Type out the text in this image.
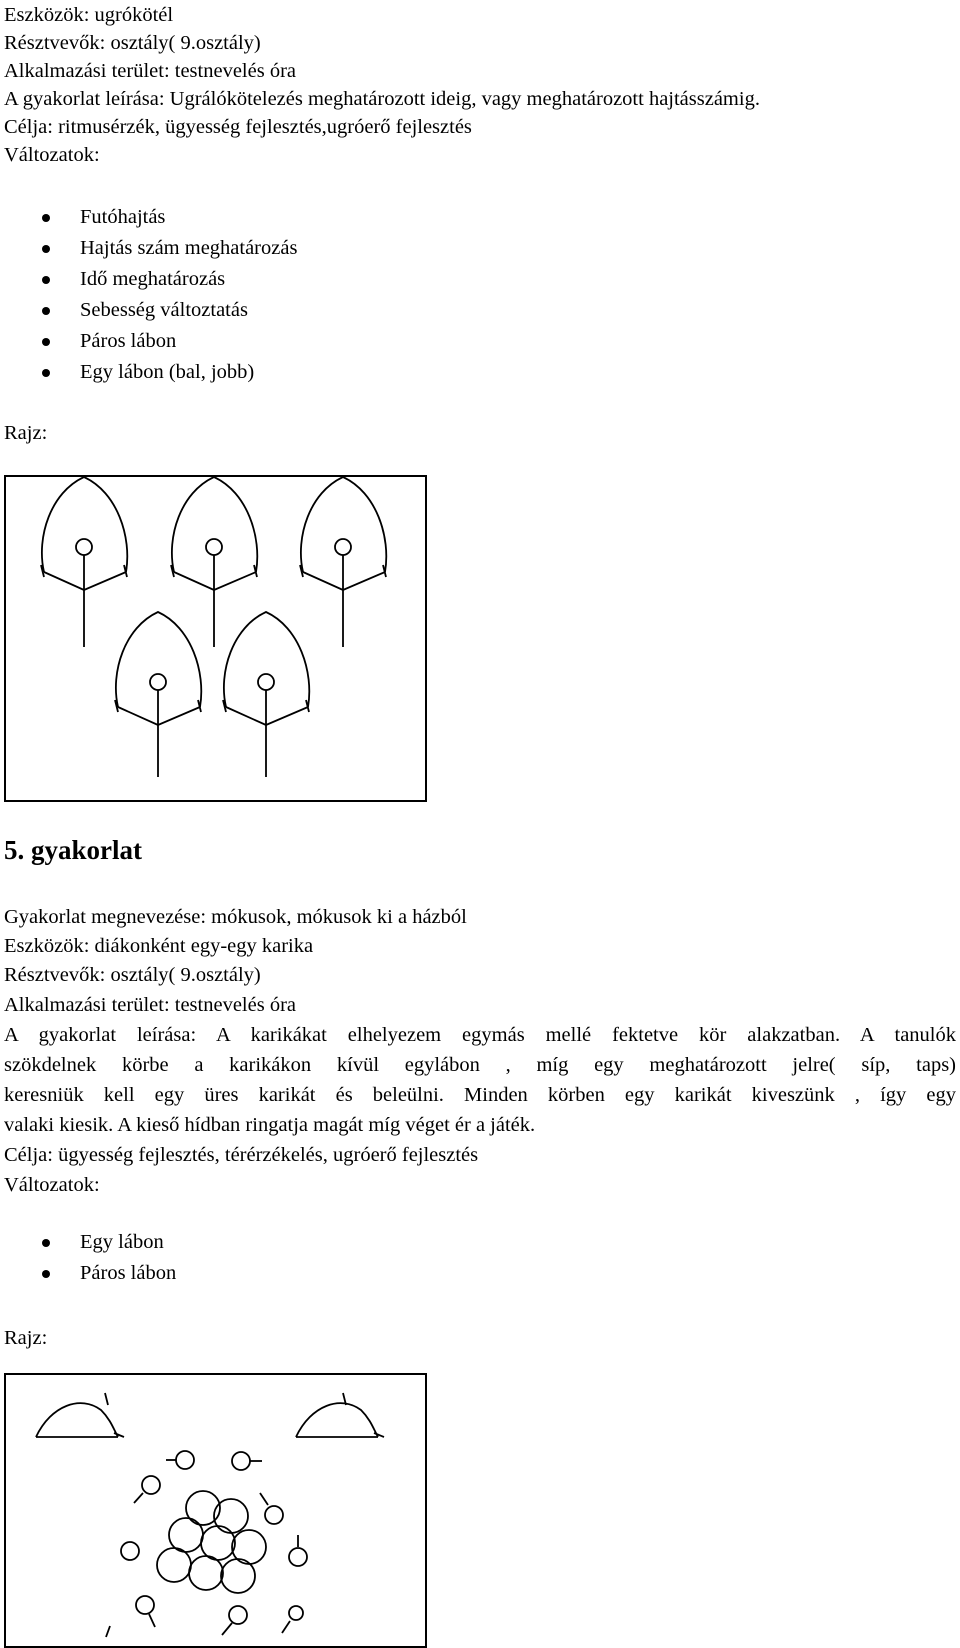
Eszközök: ugrókötél
Résztvevők: osztály( 9.osztály)
Alkalmazási terület: testnevelés óra
A gyakorlat leírása: Ugrálókötelezés meghatározott ideig, vagy meghatározott hajtásszámig.
Célja: ritmusérzék, ügyesség fejlesztés,ugróerő fejlesztés
Változatok:
Futóhajtás
Hajtás szám meghatározás
Idő meghatározás
Sebesség változtatás
Páros lábon
Egy lábon (bal, jobb)
Rajz:
5. gyakorlat
Gyakorlat megnevezése: mókusok, mókusok ki a házból
Eszközök: diákonként egy-egy karika
Résztvevők: osztály( 9.osztály)
Alkalmazási terület: testnevelés óra
A gyakorlat leírása: A karikákat elhelyezem egymás mellé fektetve kör alakzatban. A tanulók
szökdelnek körbe a karikákon kívül egylábon , míg egy meghatározott jelre( síp, taps)
keresniük kell egy üres karikát és beleülni. Minden körben egy karikát kiveszünk , így egy
valaki kiesik. A kieső hídban ringatja magát míg véget ér a játék.
Célja: ügyesség fejlesztés, térérzékelés, ugróerő fejlesztés
Változatok:
Egy lábon
Páros lábon
Rajz:
